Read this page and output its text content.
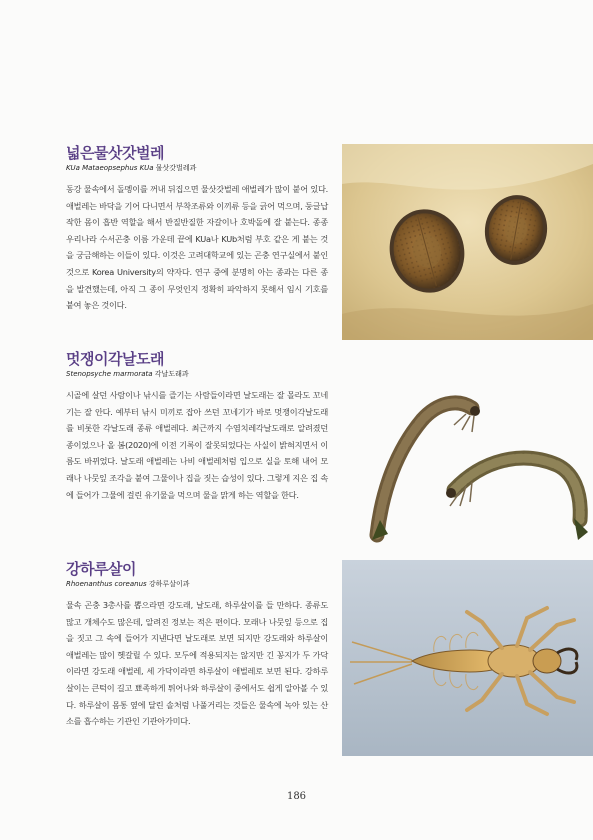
넓은물삿갓벌레

KUa Mataeopsephus KUa 물삿갓벌레과

동강 물속에서 돌멩이를 꺼내 뒤집으면 물삿갓벌레 애벌레가 많이 붙어 있다. 애벌레는 바닥을 기어 다니면서 부착조류와 이끼류 등을 긁어 먹으며, 둥글납작한 몸이 흡반 역할을 해서 반질반질한 자갈이나 호박돌에 잘 붙는다. 종종 우리나라 수서곤충 이름 가운데 끝에 KUa나 KUb처럼 부호 같은 게 붙는 것을 궁금해하는 이들이 있다. 이것은 고려대학교에 있는 곤충 연구실에서 붙인 것으로 Korea University의 약자다. 연구 중에 분명히 아는 종과는 다른 종을 발견했는데, 아직 그 종이 무엇인지 정확히 파악하지 못해서 임시 기호를 붙여 놓은 것이다.

멋쟁이각날도래

Stenopsyche marmorata 각날도래과

시골에 살던 사람이나 낚시를 즐기는 사람들이라면 날도래는 잘 몰라도 꼬네기는 잘 안다. 예부터 낚시 미끼로 잡아 쓰던 꼬네기가 바로 멋쟁이각날도래를 비롯한 각날도래 종류 애벌레다. 최근까지 수염치레각날도래로 알려졌던 종이었으나 올 봄(2020)에 이전 기록이 잘못되었다는 사실이 밝혀지면서 이름도 바뀌었다. 날도래 애벌레는 나비 애벌레처럼 입으로 실을 토해 내어 모래나 나뭇잎 조각을 붙여 그물이나 집을 짓는 습성이 있다. 그렇게 지은 집 속에 들어가 그물에 걸린 유기물을 먹으며 물을 맑게 하는 역할을 한다.

강하루살이

Rhoenanthus coreanus 강하루살이과

물속 곤충 3총사를 뽑으라면 강도래, 날도래, 하루살이를 들 만하다. 종류도 많고 개체수도 많은데, 알려진 정보는 적은 편이다. 모래나 나뭇잎 등으로 집을 짓고 그 속에 들어가 지낸다면 날도래로 보면 되지만 강도래와 하루살이 애벌레는 많이 헷갈릴 수 있다. 모두에 적용되지는 않지만 긴 꽁지가 두 가닥이라면 강도래 애벌레, 세 가닥이라면 하루살이 애벌레로 보면 된다. 강하루살이는 큰턱이 길고 뾰족하게 튀어나와 하루살이 중에서도 쉽게 알아볼 수 있다. 하루살이 몸통 옆에 달린 솔처럼 나풀거리는 것들은 물속에 녹아 있는 산소를 흡수하는 기관인 기관아가미다.

186
